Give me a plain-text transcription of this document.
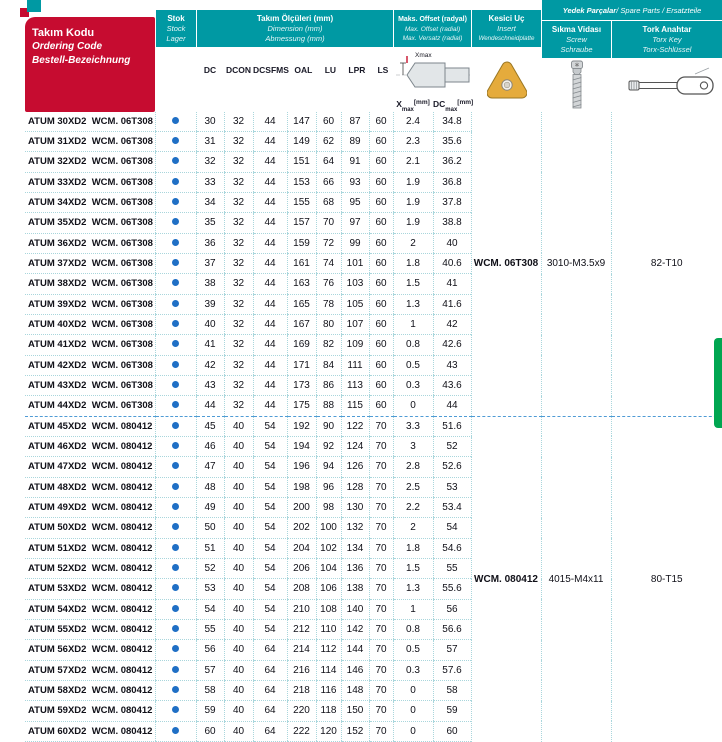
Takım Kodu
Ordering Code
Bestell-Bezeichnung
Stok
Stock
Lager
Takım Ölçüleri (mm)
Dimension (mm)
Abmessung (mm)
Maks. Offset (radyal)
Max. Offset (radial)
Max. Versatz (radial)
Kesici Uç
Insert
Wendeschneidplatte
Yedek Parçalar / Spare Parts / Ersatzteile
Sıkma Vidası
Screw
Schraube
Tork Anahtar
Torx Key
Torx-Schlüssel
DC	DCON DCSFMS OAL	LU	LPR	LS
Xmax
$X_{max}[mm]$ $DC_{max}[mm]$
ATUM 30XD2  WCM. 06T308		30	32	44	147	60	87	60	2.4	34.8	WCM. 06T308	3010-M3.5x9	82-T10
ATUM 31XD2  WCM. 06T308		31	32	44	149	62	89	60	2.3	35.6			
ATUM 32XD2  WCM. 06T308		32	32	44	151	64	91	60	2.1	36.2			
ATUM 33XD2  WCM. 06T308		33	32	44	153	66	93	60	1.9	36.8			
ATUM 34XD2  WCM. 06T308		34	32	44	155	68	95	60	1.9	37.8			
ATUM 35XD2  WCM. 06T308		35	32	44	157	70	97	60	1.9	38.8			
ATUM 36XD2  WCM. 06T308		36	32	44	159	72	99	60	2	40			
ATUM 37XD2  WCM. 06T308		37	32	44	161	74	101	60	1.8	40.6			
ATUM 38XD2  WCM. 06T308		38	32	44	163	76	103	60	1.5	41			
ATUM 39XD2  WCM. 06T308		39	32	44	165	78	105	60	1.3	41.6			
ATUM 40XD2  WCM. 06T308		40	32	44	167	80	107	60	1	42			
ATUM 41XD2  WCM. 06T308		41	32	44	169	82	109	60	0.8	42.6			
ATUM 42XD2  WCM. 06T308		42	32	44	171	84	111	60	0.5	43			
ATUM 43XD2  WCM. 06T308		43	32	44	173	86	113	60	0.3	43.6			
ATUM 44XD2  WCM. 06T308		44	32	44	175	88	115	60	0	44			
ATUM 45XD2  WCM. 080412		45	40	54	192	90	122	70	3.3	51.6	WCM. 080412	4015-M4x11	80-T15
ATUM 46XD2  WCM. 080412		46	40	54	194	92	124	70	3	52			
ATUM 47XD2  WCM. 080412		47	40	54	196	94	126	70	2.8	52.6			
ATUM 48XD2  WCM. 080412		48	40	54	198	96	128	70	2.5	53			
ATUM 49XD2  WCM. 080412		49	40	54	200	98	130	70	2.2	53.4			
ATUM 50XD2  WCM. 080412		50	40	54	202	100	132	70	2	54			
ATUM 51XD2  WCM. 080412		51	40	54	204	102	134	70	1.8	54.6			
ATUM 52XD2  WCM. 080412		52	40	54	206	104	136	70	1.5	55			
ATUM 53XD2  WCM. 080412		53	40	54	208	106	138	70	1.3	55.6			
ATUM 54XD2  WCM. 080412		54	40	54	210	108	140	70	1	56			
ATUM 55XD2  WCM. 080412		55	40	54	212	110	142	70	0.8	56.6			
ATUM 56XD2  WCM. 080412		56	40	64	214	112	144	70	0.5	57			
ATUM 57XD2  WCM. 080412		57	40	64	216	114	146	70	0.3	57.6			
ATUM 58XD2  WCM. 080412		58	40	64	218	116	148	70	0	58			
ATUM 59XD2  WCM. 080412		59	40	64	220	118	150	70	0	59			
ATUM 60XD2  WCM. 080412		60	40	64	222	120	152	70	0	60			
